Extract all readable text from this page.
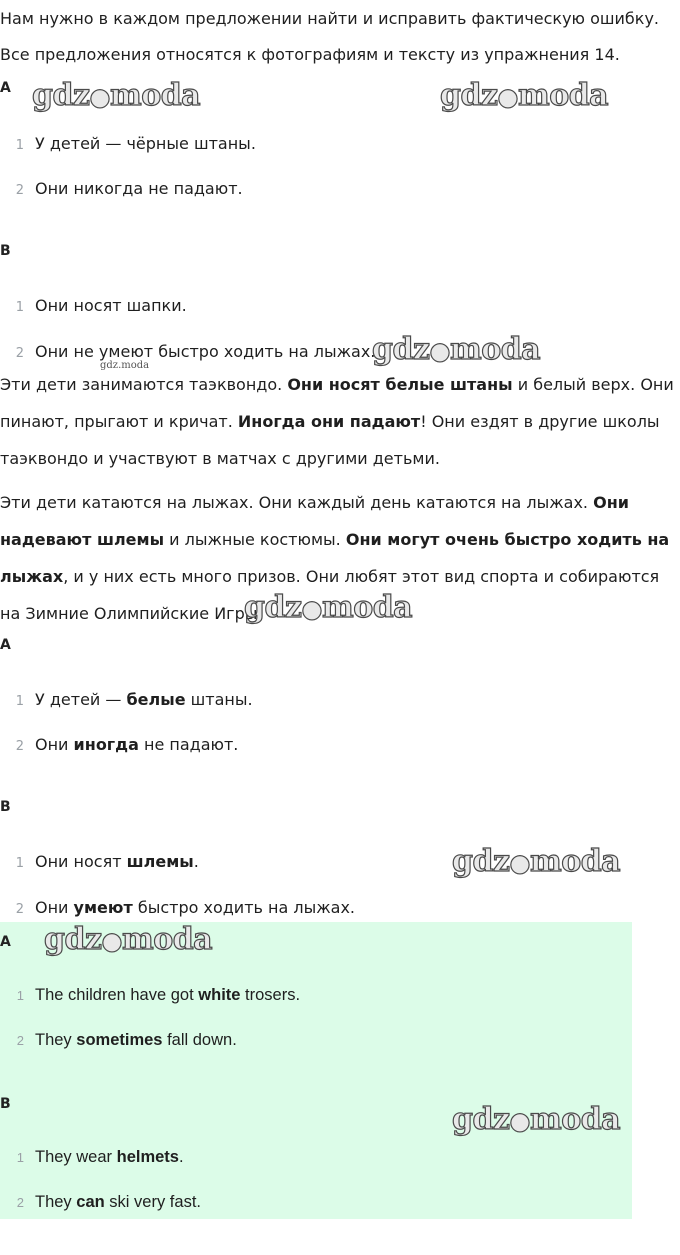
Нам нужно в каждом предложении найти и исправить фактическую ошибку.

Все предложения относятся к фотографиям и тексту из упражнения 14.

A
1 У детей — чёрные штаны.
2 Они никогда не падают.
B
1 Они носят шапки.
2 Они не умеют быстро ходить на лыжах.

Эти дети занимаются таэквондо. Они носят белые штаны и белый верх. Они пинают, прыгают и кричат. Иногда они падают! Они ездят в другие школы таэквондо и участвуют в матчах с другими детьми.

Эти дети катаются на лыжах. Они каждый день катаются на лыжах. Они надевают шлемы и лыжные костюмы. Они могут очень быстро ходить на лыжах, и у них есть много призов. Они любят этот вид спорта и собираются на Зимние Олимпийские Игры.

A
1 У детей — белые штаны.
2 Они иногда не падают.
B
1 Они носят шлемы.
2 Они умеют быстро ходить на лыжах.
A
1 The children have got white trosers.
2 They sometimes fall down.
B
1 They wear helmets.
2 They can ski very fast.
gdz●moda	gdz●moda
gdz●moda
gdz.moda
gdz●moda
gdz●moda
gdz●moda
gdz●moda
